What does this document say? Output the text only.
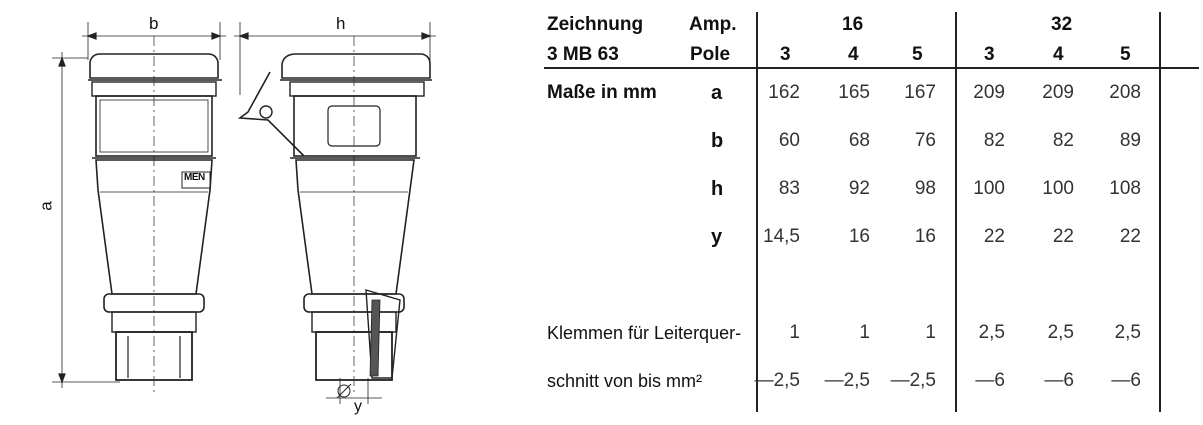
b	h
a
y
MEN
Zeichnung Amp.	16	32
3 MB 63	Pole	3	4	5	3	4	5
Maße in mm	a	162	165	167	209	209	208
b	60	68	76	82	82	89
h	83	92	98	100	100	108
y	14,5	16	16	22	22	22
Klemmen für Leiterquer-	1	1	1	2,5	2,5	2,5
schnitt von bis mm²	—2,5	—2,5	—2,5	—6	—6	—6
